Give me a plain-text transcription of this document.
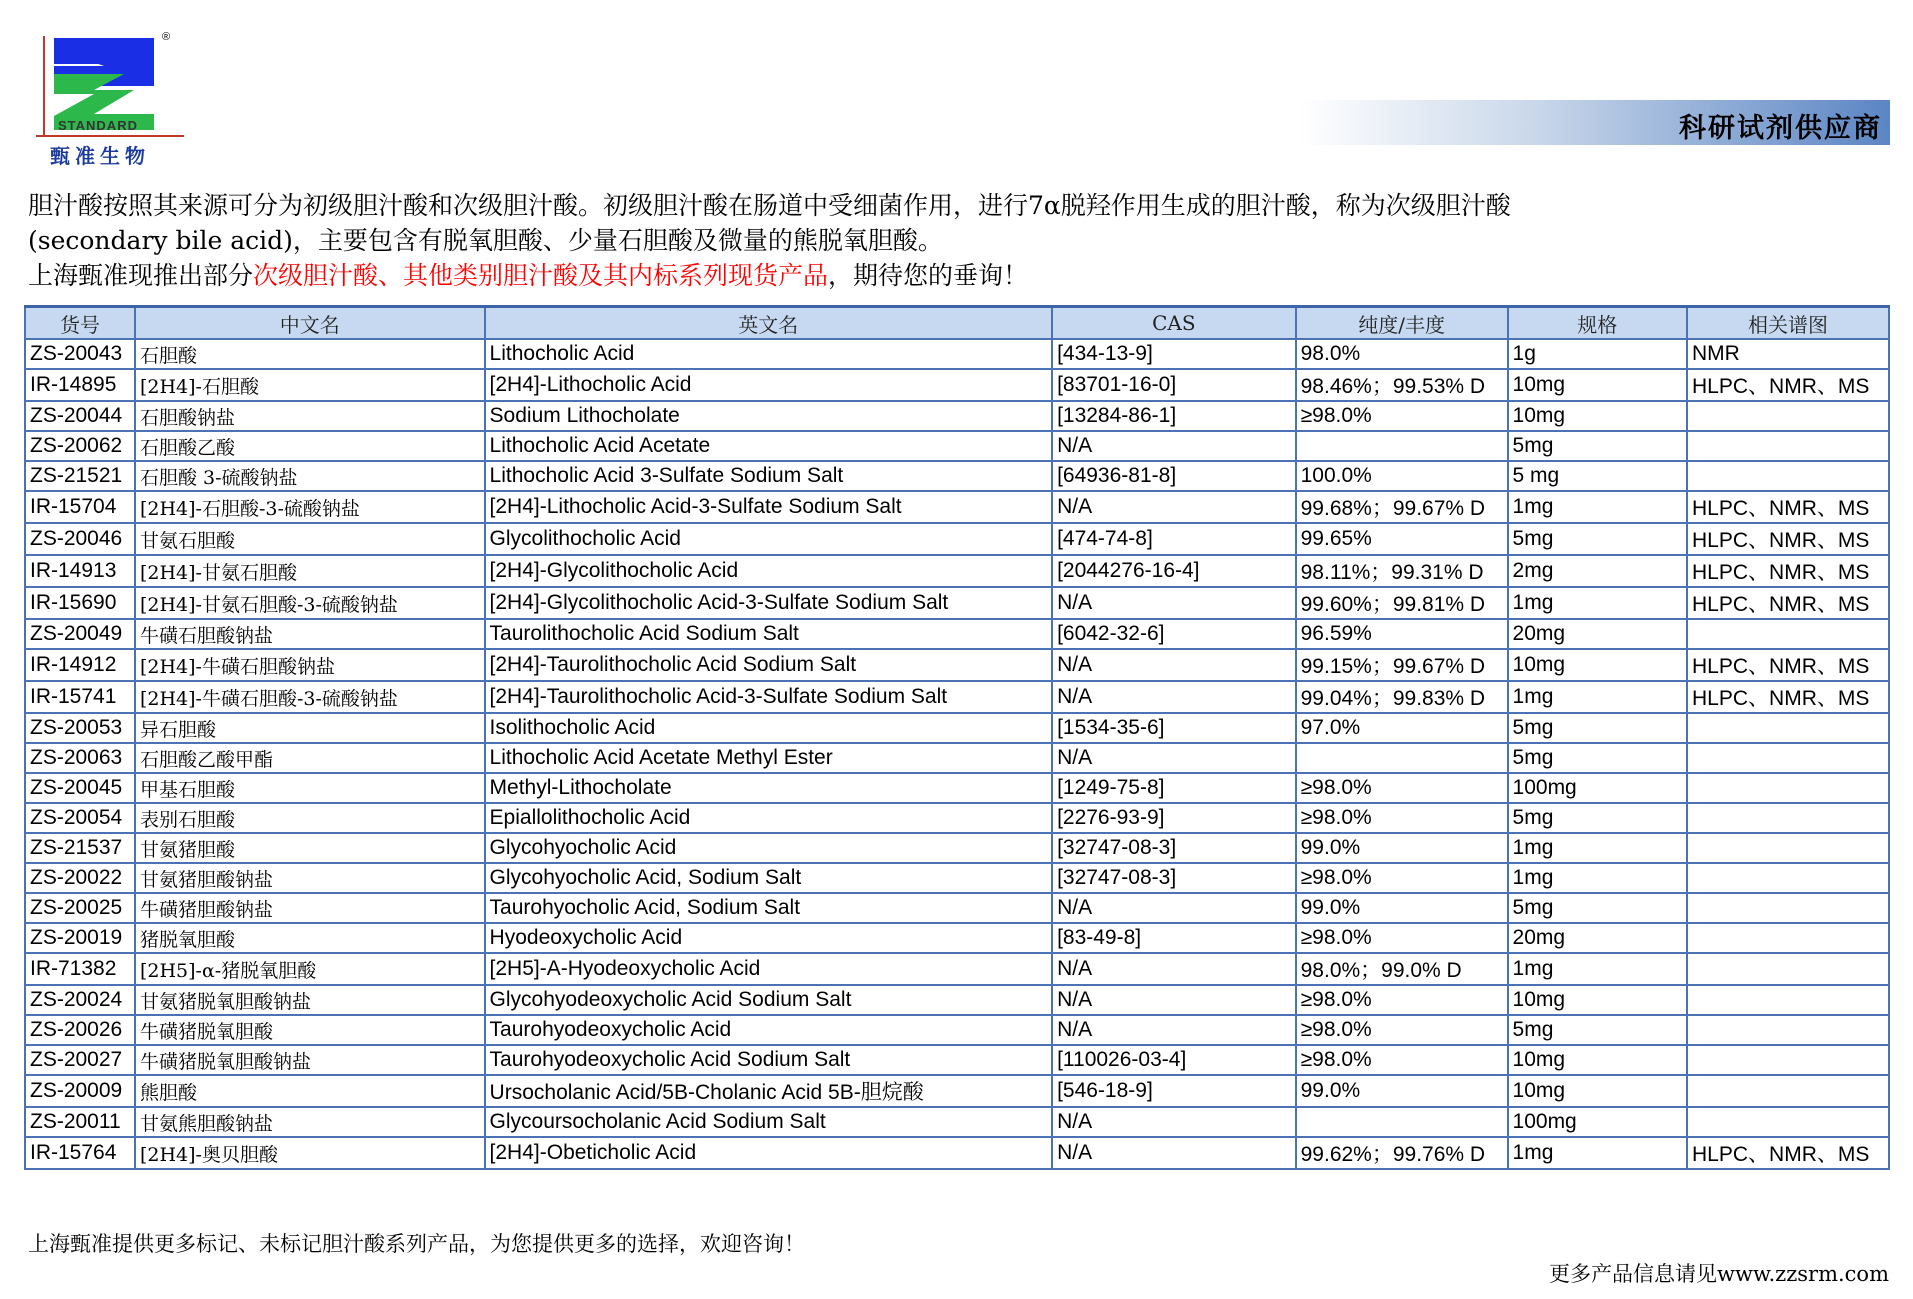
®
STANDARD
甄准生物
科研试剂供应商
胆汁酸按照其来源可分为初级胆汁酸和次级胆汁酸。初级胆汁酸在肠道中受细菌作用，进行7α脱羟作用生成的胆汁酸，称为次级胆汁酸
(secondary bile acid)，主要包含有脱氧胆酸、少量石胆酸及微量的熊脱氧胆酸。
上海甄准现推出部分次级胆汁酸、其他类别胆汁酸及其内标系列现货产品，期待您的垂询！
货号	中文名	英文名	CAS	纯度/丰度	规格	相关谱图
ZS-20043	石胆酸	Lithocholic Acid	[434-13-9]	98.0%	1g	NMR
IR-14895	[2H4]-石胆酸	[2H4]-Lithocholic Acid	[83701-16-0]	98.46%；99.53% D	10mg	HLPC、NMR、MS
ZS-20044	石胆酸钠盐	Sodium Lithocholate	[13284-86-1]	≥98.0%	10mg	
ZS-20062	石胆酸乙酸	Lithocholic Acid Acetate	N/A		5mg	
ZS-21521	石胆酸 3-硫酸钠盐	Lithocholic Acid 3-Sulfate Sodium Salt	[64936-81-8]	100.0%	5 mg	
IR-15704	[2H4]-石胆酸-3-硫酸钠盐	[2H4]-Lithocholic Acid-3-Sulfate Sodium Salt	N/A	99.68%；99.67% D	1mg	HLPC、NMR、MS
ZS-20046	甘氨石胆酸	Glycolithocholic Acid	[474-74-8]	99.65%	5mg	HLPC、NMR、MS
IR-14913	[2H4]-甘氨石胆酸	[2H4]-Glycolithocholic Acid	[2044276-16-4]	98.11%；99.31% D	2mg	HLPC、NMR、MS
IR-15690	[2H4]-甘氨石胆酸-3-硫酸钠盐	[2H4]-Glycolithocholic Acid-3-Sulfate Sodium Salt	N/A	99.60%；99.81% D	1mg	HLPC、NMR、MS
ZS-20049	牛磺石胆酸钠盐	Taurolithocholic Acid Sodium Salt	[6042-32-6]	96.59%	20mg	
IR-14912	[2H4]-牛磺石胆酸钠盐	[2H4]-Taurolithocholic Acid Sodium Salt	N/A	99.15%；99.67% D	10mg	HLPC、NMR、MS
IR-15741	[2H4]-牛磺石胆酸-3-硫酸钠盐	[2H4]-Taurolithocholic Acid-3-Sulfate Sodium Salt	N/A	99.04%；99.83% D	1mg	HLPC、NMR、MS
ZS-20053	异石胆酸	Isolithocholic Acid	[1534-35-6]	97.0%	5mg	
ZS-20063	石胆酸乙酸甲酯	Lithocholic Acid Acetate Methyl Ester	N/A		5mg	
ZS-20045	甲基石胆酸	Methyl-Lithocholate	[1249-75-8]	≥98.0%	100mg	
ZS-20054	表别石胆酸	Epiallolithocholic Acid	[2276-93-9]	≥98.0%	5mg	
ZS-21537	甘氨猪胆酸	Glycohyocholic Acid	[32747-08-3]	99.0%	1mg	
ZS-20022	甘氨猪胆酸钠盐	Glycohyocholic Acid, Sodium Salt	[32747-08-3]	≥98.0%	1mg	
ZS-20025	牛磺猪胆酸钠盐	Taurohyocholic Acid, Sodium Salt	N/A	99.0%	5mg	
ZS-20019	猪脱氧胆酸	Hyodeoxycholic Acid	[83-49-8]	≥98.0%	20mg	
IR-71382	[2H5]-α-猪脱氧胆酸	[2H5]-A-Hyodeoxycholic Acid	N/A	98.0%；99.0% D	1mg	
ZS-20024	甘氨猪脱氧胆酸钠盐	Glycohyodeoxycholic Acid Sodium Salt	N/A	≥98.0%	10mg	
ZS-20026	牛磺猪脱氧胆酸	Taurohyodeoxycholic Acid	N/A	≥98.0%	5mg	
ZS-20027	牛磺猪脱氧胆酸钠盐	Taurohyodeoxycholic Acid Sodium Salt	[110026-03-4]	≥98.0%	10mg	
ZS-20009	熊胆酸	Ursocholanic Acid/5B-Cholanic Acid 5B-胆烷酸	[546-18-9]	99.0%	10mg	
ZS-20011	甘氨熊胆酸钠盐	Glycoursocholanic Acid Sodium Salt	N/A		100mg	
IR-15764	[2H4]-奥贝胆酸	[2H4]-Obeticholic Acid	N/A	99.62%；99.76% D	1mg	HLPC、NMR、MS
上海甄准提供更多标记、未标记胆汁酸系列产品，为您提供更多的选择，欢迎咨询！
更多产品信息请见www.zzsrm.com
